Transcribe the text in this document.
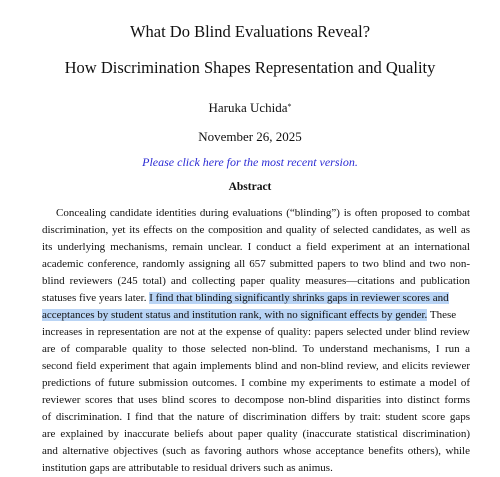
What Do Blind Evaluations Reveal?
How Discrimination Shapes Representation and Quality
Haruka Uchida*
November 26, 2025
Please click here for the most recent version.
Abstract
Concealing candidate identities during evaluations (“blinding”) is often proposed to combat
discrimination, yet its effects on the composition and quality of selected candidates, as well as
its underlying mechanisms, remain unclear. I conduct a field experiment at an international
academic conference, randomly assigning all 657 submitted papers to two blind and two non-
blind reviewers (245 total) and collecting paper quality measures—citations and publication
statuses five years later. I find that blinding significantly shrinks gaps in reviewer scores and
acceptances by student status and institution rank, with no significant effects by gender. These
increases in representation are not at the expense of quality: papers selected under blind review
are of comparable quality to those selected non-blind. To understand mechanisms, I run a
second field experiment that again implements blind and non-blind review, and elicits reviewer
predictions of future submission outcomes. I combine my experiments to estimate a model of
reviewer scores that uses blind scores to decompose non-blind disparities into distinct forms
of discrimination. I find that the nature of discrimination differs by trait: student score gaps
are explained by inaccurate beliefs about paper quality (inaccurate statistical discrimination)
and alternative objectives (such as favoring authors whose acceptance benefits others), while
institution gaps are attributable to residual drivers such as animus.
